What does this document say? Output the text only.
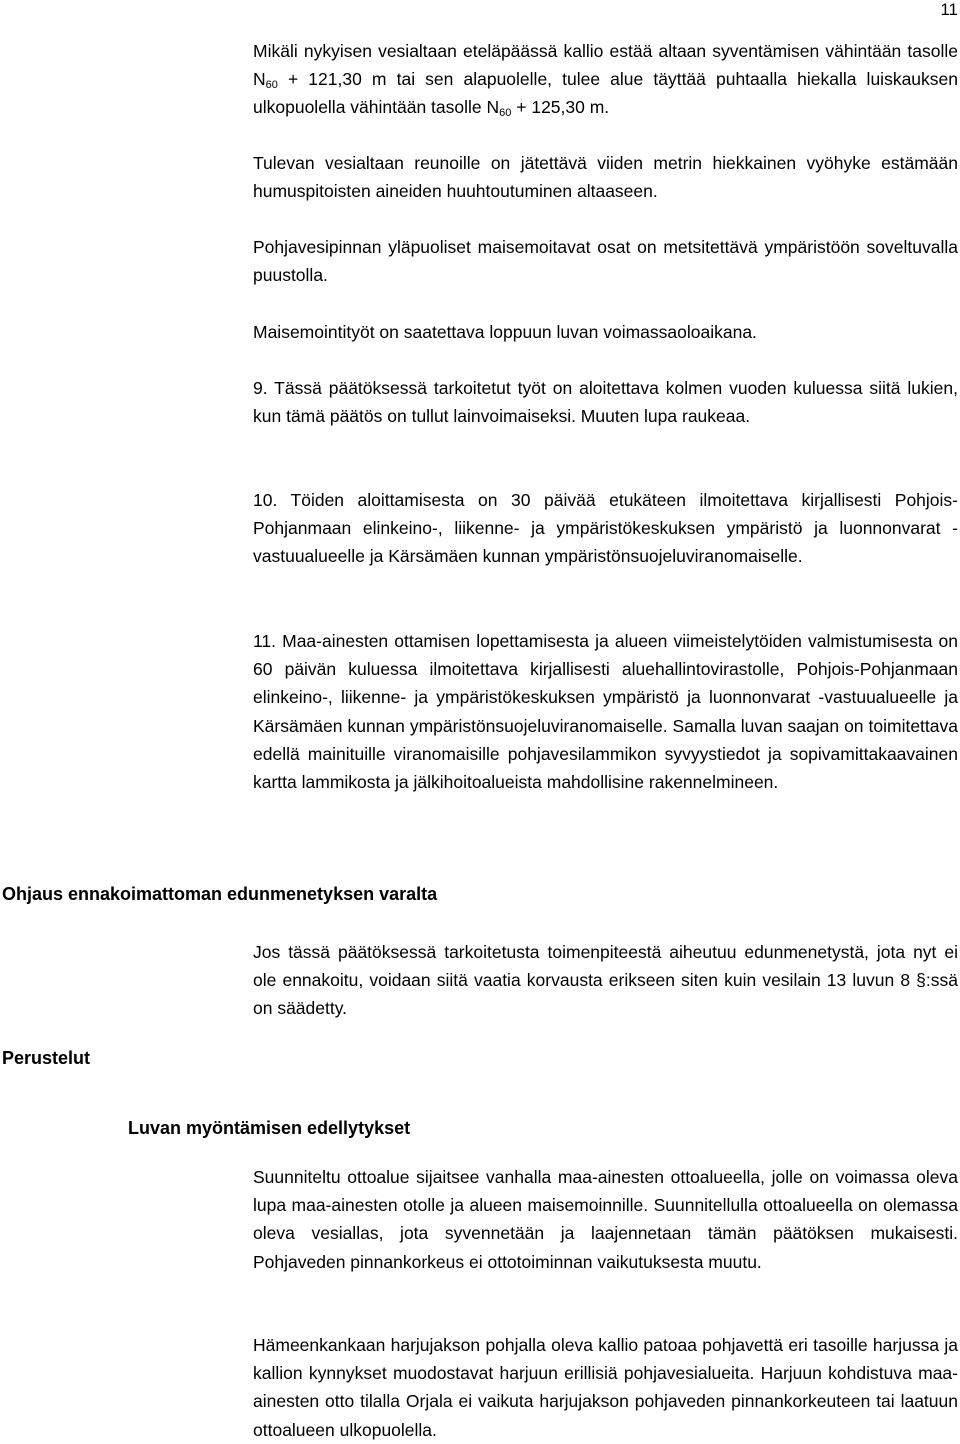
11

Mikäli nykyisen vesialtaan eteläpäässä kallio estää altaan syventämisen vähintään tasolle $N_{60} + 121,30$ m tai sen alapuolelle, tulee alue täyttää puhtaalla hiekalla luiskauksen ulkopuolella vähintään tasolle $N_{60} + 125,30$ m.

Tulevan vesialtaan reunoille on jätettävä viiden metrin hiekkainen vyöhyke estämään humuspitoisten aineiden huuhtoutuminen altaaseen.

Pohjavesipinnan yläpuoliset maisemoitavat osat on metsitettävä ympäristöön soveltuvalla puustolla.

Maisemointityöt on saatettava loppuun luvan voimassaoloaikana.

9. Tässä päätöksessä tarkoitetut työt on aloitettava kolmen vuoden kuluessa siitä lukien, kun tämä päätös on tullut lainvoimaiseksi. Muuten lupa raukeaa.

10. Töiden aloittamisesta on 30 päivää etukäteen ilmoitettava kirjallisesti Pohjois-Pohjanmaan elinkeino-, liikenne- ja ympäristökeskuksen ympäristö ja luonnonvarat -vastuualueelle ja Kärsämäen kunnan ympäristönsuojeluviranomaiselle.

11. Maa-ainesten ottamisen lopettamisesta ja alueen viimeistelytöiden valmistumisesta on 60 päivän kuluessa ilmoitettava kirjallisesti aluehallintovirastolle, Pohjois-Pohjanmaan elinkeino-, liikenne- ja ympäristökeskuksen ympäristö ja luonnonvarat -vastuualueelle ja Kärsämäen kunnan ympäristönsuojeluviranomaiselle. Samalla luvan saajan on toimitettava edellä mainituille viranomaisille pohjavesilammikon syvyystiedot ja sopivamittakaavainen kartta lammikosta ja jälkihoitoalueista mahdollisine rakennelmineen.

Ohjaus ennakoimattoman edunmenetyksen varalta

Jos tässä päätöksessä tarkoitetusta toimenpiteestä aiheutuu edunmenetystä, jota nyt ei ole ennakoitu, voidaan siitä vaatia korvausta erikseen siten kuin vesilain 13 luvun 8 §:ssä on säädetty.

Perustelut
Luvan myöntämisen edellytykset

Suunniteltu ottoalue sijaitsee vanhalla maa-ainesten ottoalueella, jolle on voimassa oleva lupa maa-ainesten otolle ja alueen maisemoinnille. Suunnitellulla ottoalueella on olemassa oleva vesiallas, jota syvennetään ja laajennetaan tämän päätöksen mukaisesti. Pohjaveden pinnankorkeus ei ottotoiminnan vaikutuksesta muutu.

Hämeenkankaan harjujakson pohjalla oleva kallio patoaa pohjavettä eri tasoille harjussa ja kallion kynnykset muodostavat harjuun erillisiä pohjavesialueita. Harjuun kohdistuva maa-ainesten otto tilalla Orjala ei vaikuta harjujakson pohjaveden pinnankorkeuteen tai laatuun ottoalueen ulkopuolella.
